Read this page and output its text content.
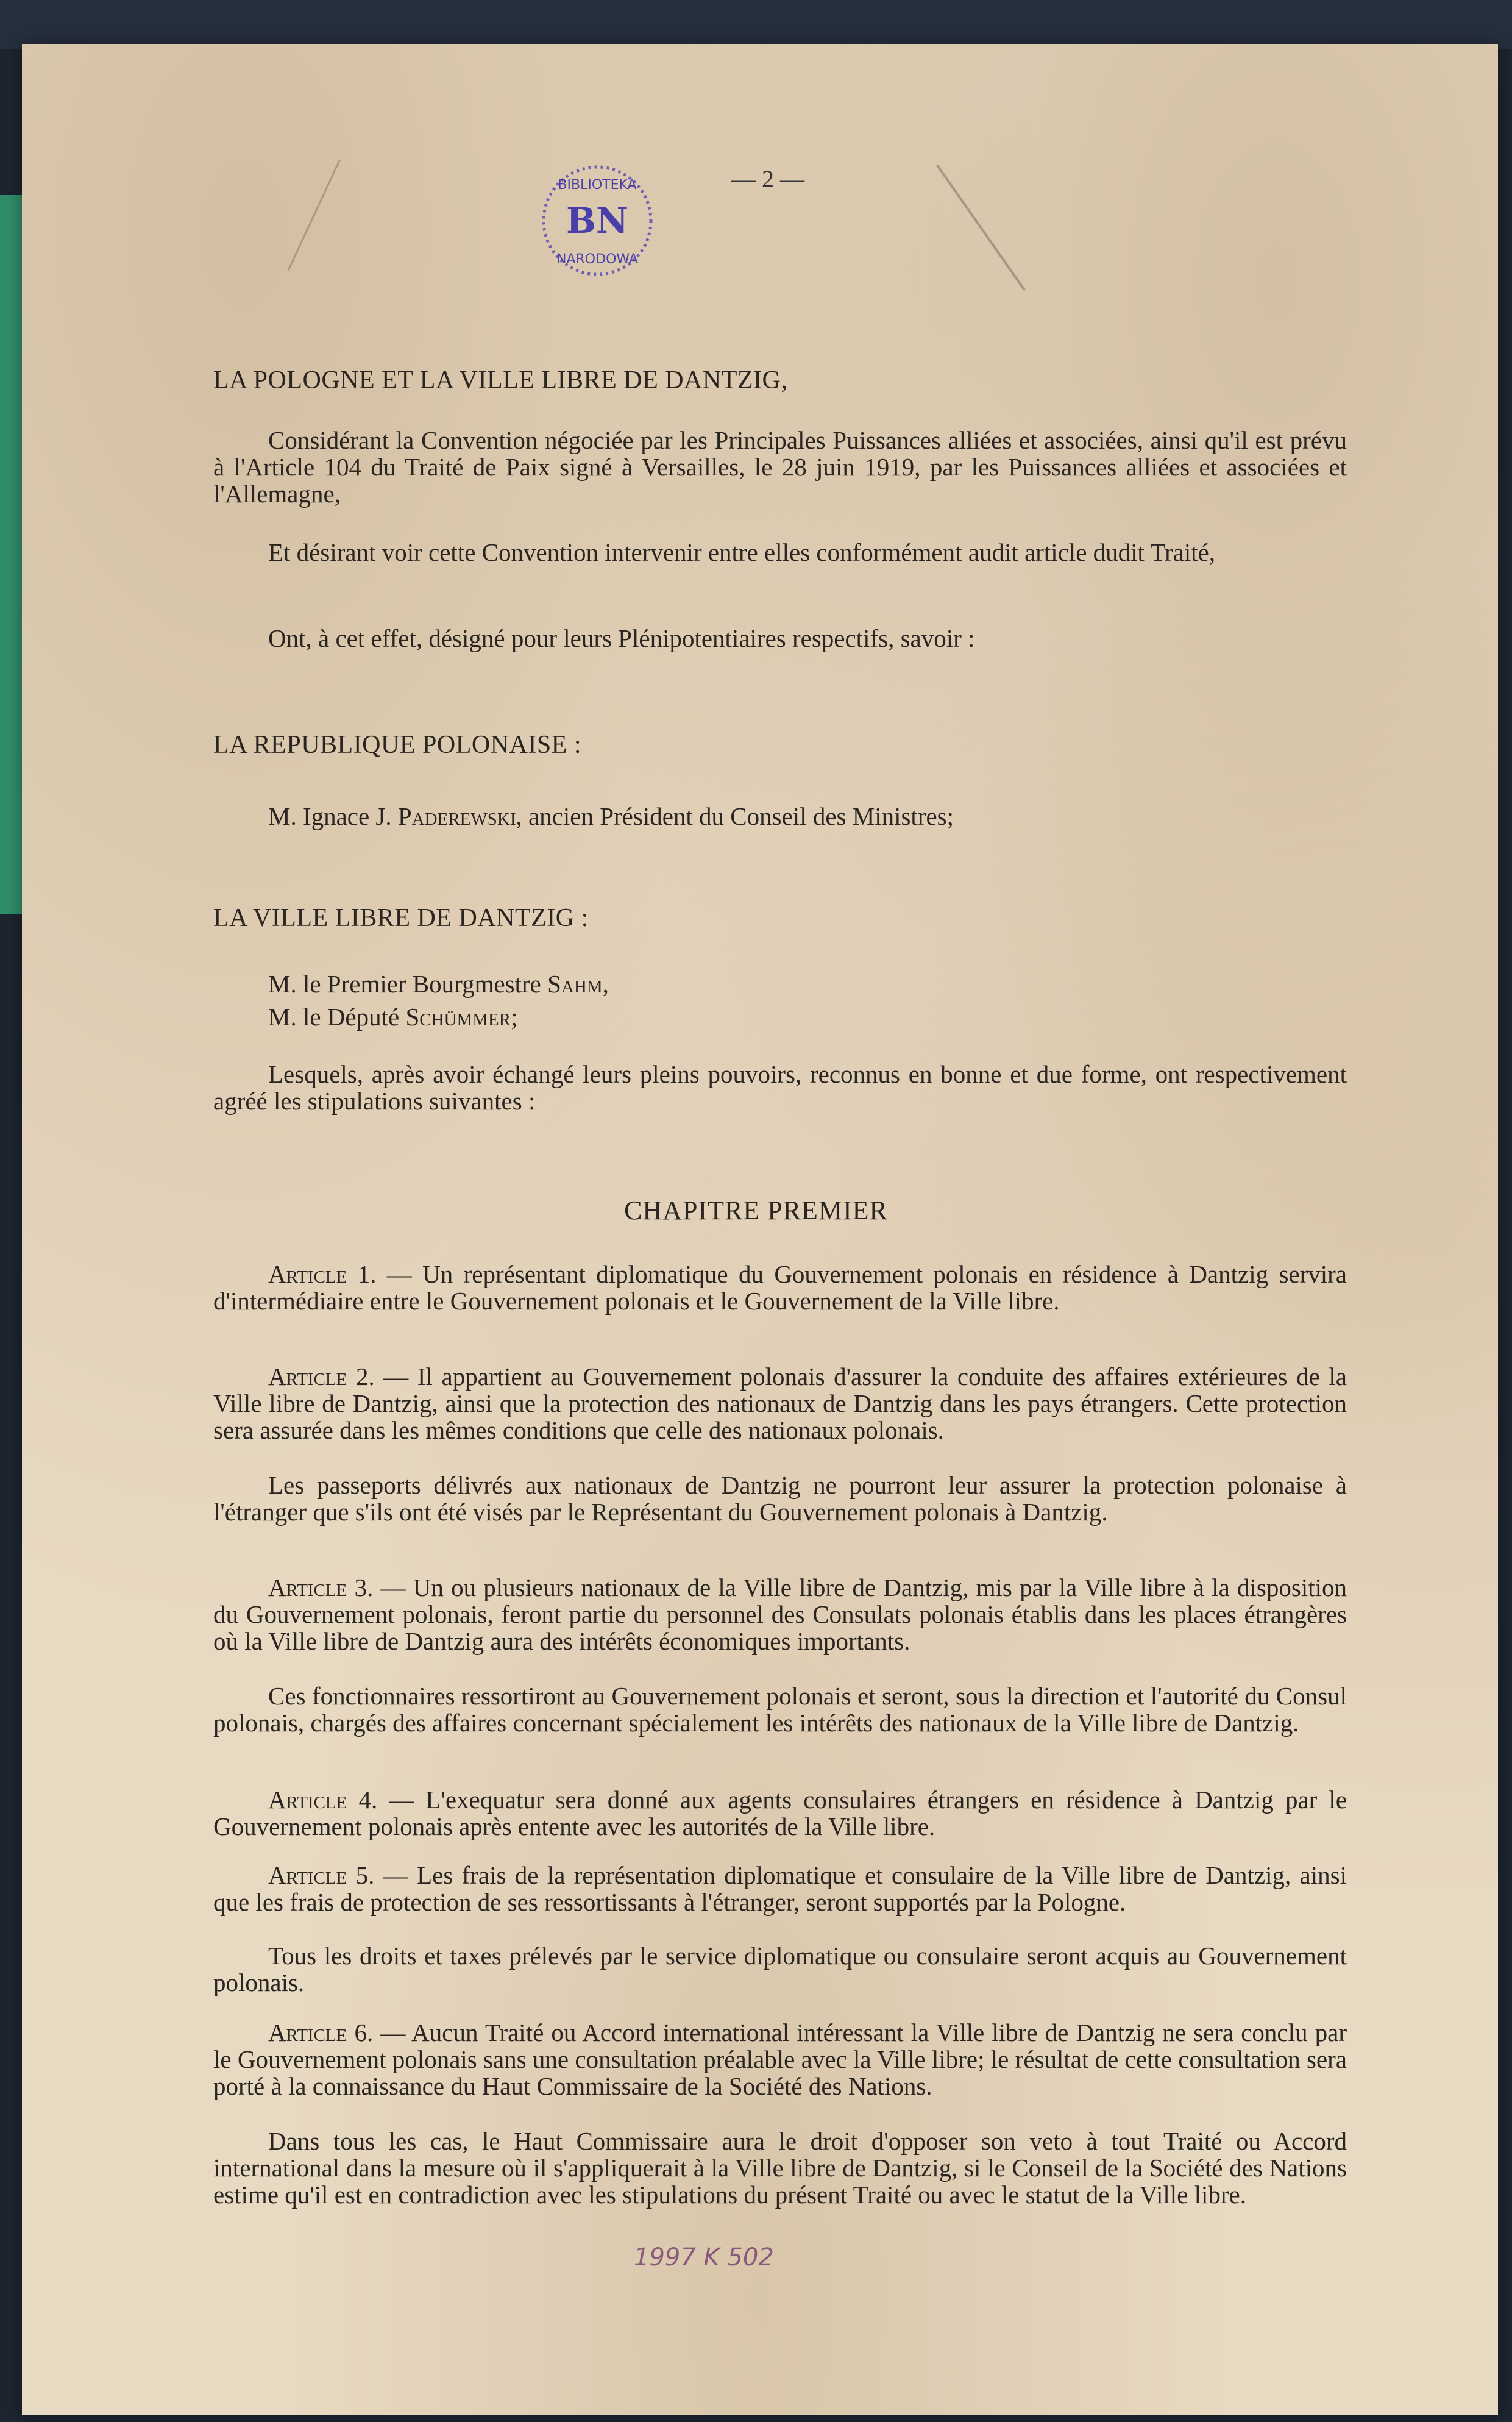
— 2 —
BN
BIBLIOTEKA
NARODOWA
LA POLOGNE ET LA VILLE LIBRE DE DANTZIG,
Considérant la Convention négociée par les Principales Puissances alliées et associées, ainsi qu'il est prévu à l'Article 104 du Traité de Paix signé à Versailles, le 28 juin 1919, par les Puissances alliées et associées et l'Allemagne,
Et désirant voir cette Convention intervenir entre elles conformément audit article dudit Traité,
Ont, à cet effet, désigné pour leurs Plénipotentiaires respectifs, savoir :
LA REPUBLIQUE POLONAISE :
M. Ignace J. Paderewski, ancien Président du Conseil des Ministres;
LA VILLE LIBRE DE DANTZIG :
M. le Premier Bourgmestre Sahm,
M. le Député Schümmer;
Lesquels, après avoir échangé leurs pleins pouvoirs, reconnus en bonne et due forme, ont respectivement agréé les stipulations suivantes :
CHAPITRE PREMIER
Article 1. — Un représentant diplomatique du Gouvernement polonais en résidence à Dantzig servira d'intermédiaire entre le Gouvernement polonais et le Gouvernement de la Ville libre.
Article 2. — Il appartient au Gouvernement polonais d'assurer la conduite des affaires extérieures de la Ville libre de Dantzig, ainsi que la protection des nationaux de Dantzig dans les pays étrangers. Cette protection sera assurée dans les mêmes conditions que celle des nationaux polonais.
Les passeports délivrés aux nationaux de Dantzig ne pourront leur assurer la protection polonaise à l'étranger que s'ils ont été visés par le Représentant du Gouvernement polonais à Dantzig.
Article 3. — Un ou plusieurs nationaux de la Ville libre de Dantzig, mis par la Ville libre à la disposition du Gouvernement polonais, feront partie du personnel des Consulats polonais établis dans les places étrangères où la Ville libre de Dantzig aura des intérêts économiques importants.
Ces fonctionnaires ressortiront au Gouvernement polonais et seront, sous la direction et l'autorité du Consul polonais, chargés des affaires concernant spécialement les intérêts des nationaux de la Ville libre de Dantzig.
Article 4. — L'exequatur sera donné aux agents consulaires étrangers en résidence à Dantzig par le Gouvernement polonais après entente avec les autorités de la Ville libre.
Article 5. — Les frais de la représentation diplomatique et consulaire de la Ville libre de Dantzig, ainsi que les frais de protection de ses ressortissants à l'étranger, seront supportés par la Pologne.
Tous les droits et taxes prélevés par le service diplomatique ou consulaire seront acquis au Gouvernement polonais.
Article 6. — Aucun Traité ou Accord international intéressant la Ville libre de Dantzig ne sera conclu par le Gouvernement polonais sans une consultation préalable avec la Ville libre; le résultat de cette consultation sera porté à la connaissance du Haut Commissaire de la Société des Nations.
Dans tous les cas, le Haut Commissaire aura le droit d'opposer son veto à tout Traité ou Accord international dans la mesure où il s'appliquerait à la Ville libre de Dantzig, si le Conseil de la Société des Nations estime qu'il est en contradiction avec les stipulations du présent Traité ou avec le statut de la Ville libre.
1997 K 502
